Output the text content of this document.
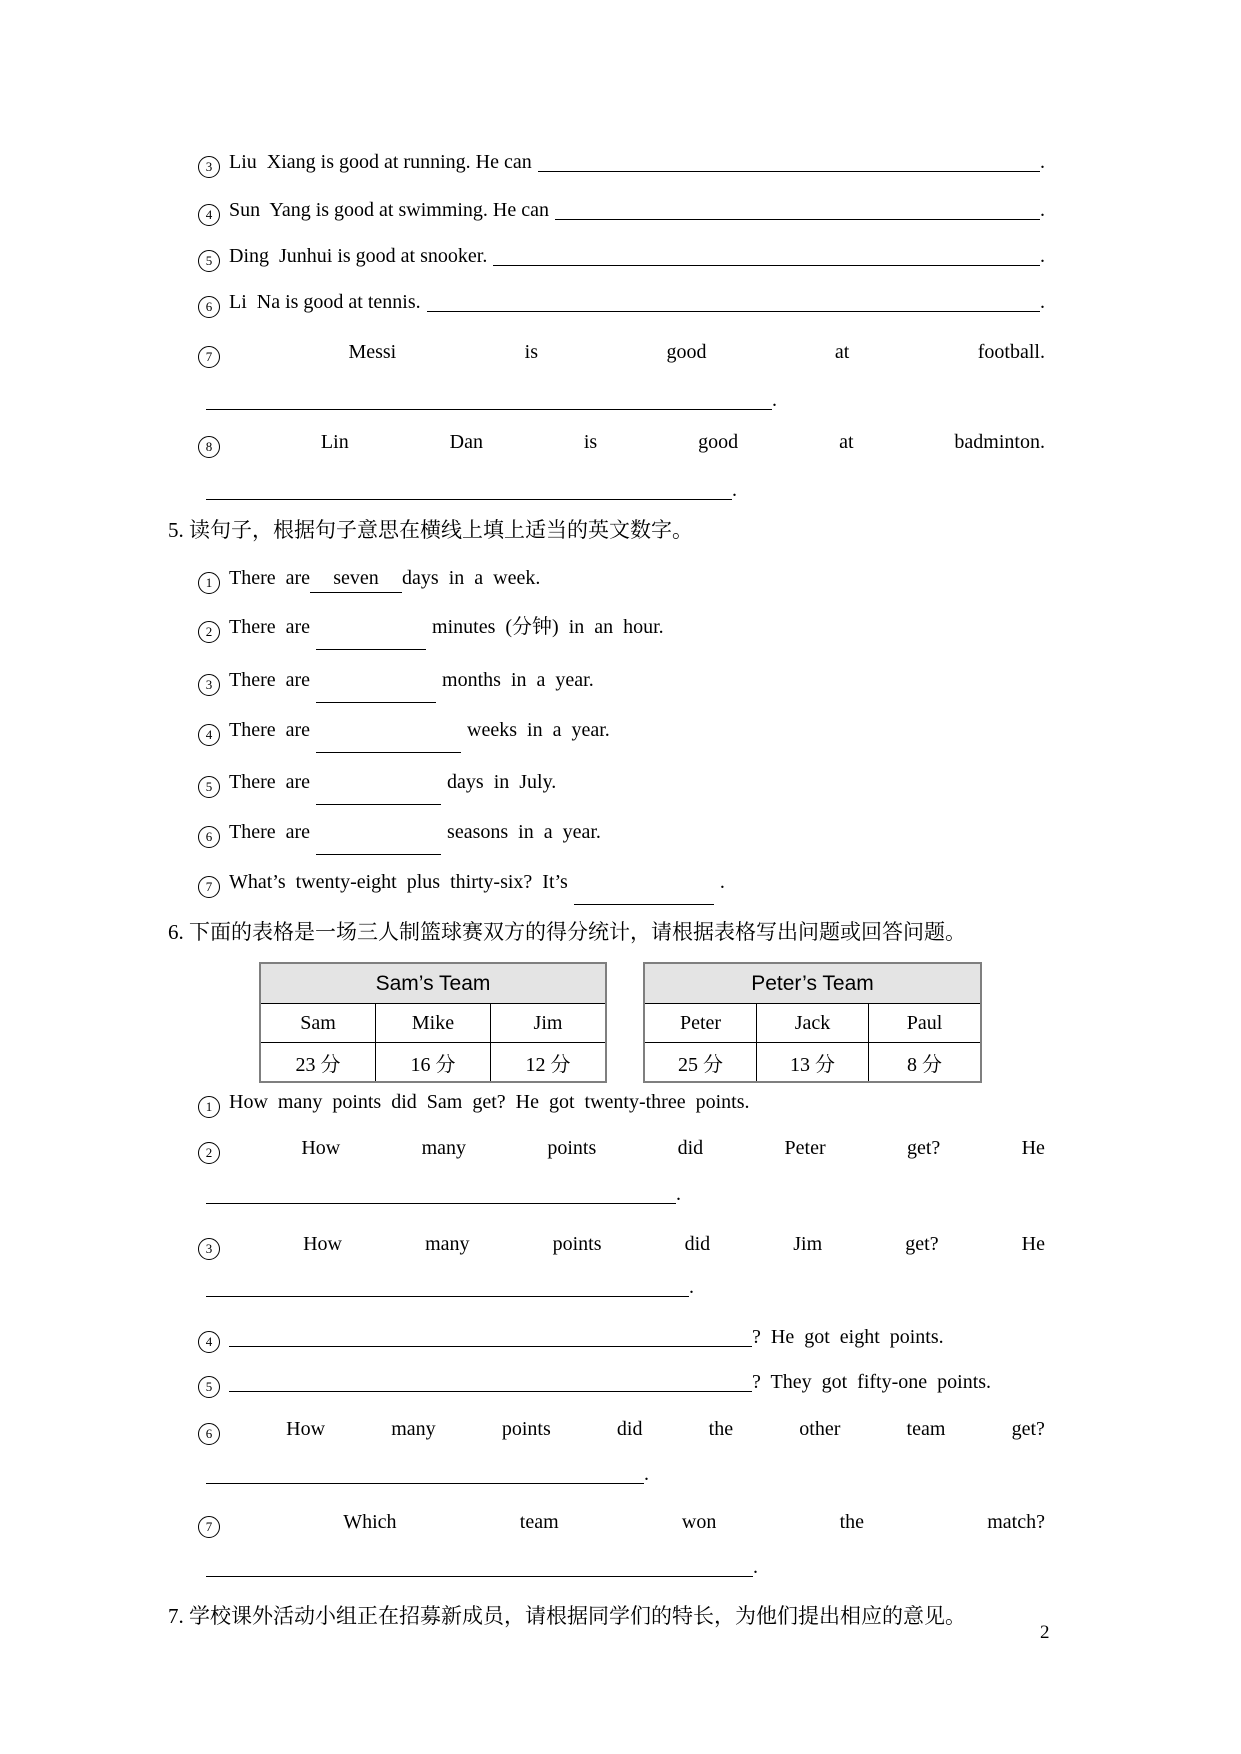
3 Liu  Xiang is good at running. He can	.
4 Sun  Yang is good at swimming. He can	.
5 Ding  Junhui is good at snooker.	.
6 Li  Na is good at tennis.	.
7	Messi	is	good	at	football.
.
8	Lin	Dan	is	good	at	badminton.
.
5. 读句子，根据句子意思在横线上填上适当的英文数字。
1 There are seven days in a week.
2 There are	minutes (分钟) in an hour.
3 There are	months in a year.
4 There are	weeks in a year.
5 There are	days in July.
6 There are	seasons in a year.
7 What’s twenty-eight plus thirty-six? It’s	.
6. 下面的表格是一场三人制篮球赛双方的得分统计，请根据表格写出问题或回答问题。
Sam’s Team
Sam	Mike	Jim
23 分	16 分	12 分
Peter’s Team
Peter	Jack	Paul
25 分	13 分	8 分
1 How many points did Sam get? He got twenty-three points.
2	How	many	points	did	Peter	get?	He
.
3	How	many	points	did	Jim	get?	He
.
4	? He got eight points.
5	? They got fifty-one points.
6	How	many	points	did	the	other	team	get?
.
7	Which	team	won	the	match?
.
7. 学校课外活动小组正在招募新成员，请根据同学们的特长，为他们提出相应的意见。
2
